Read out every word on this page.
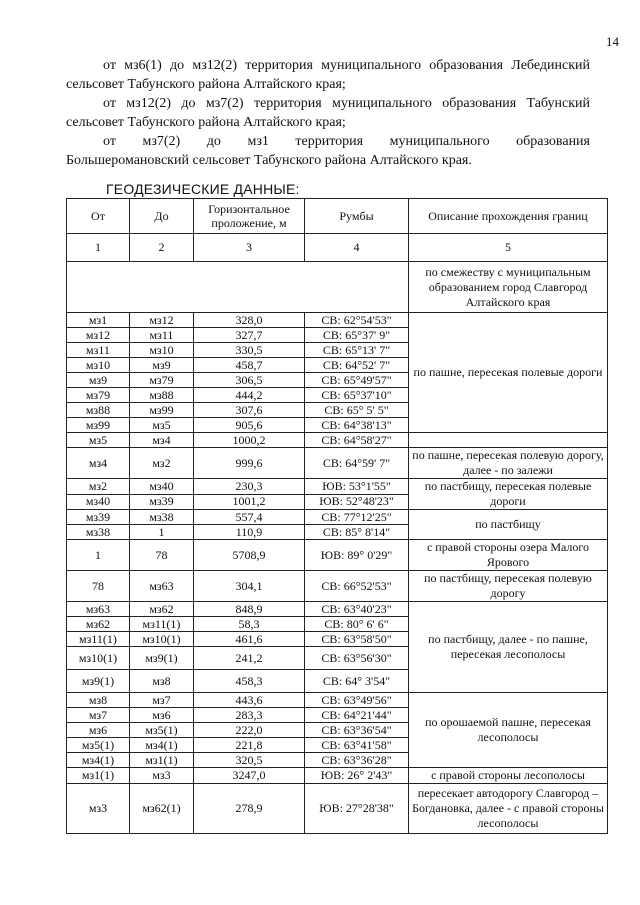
14
от мз6(1) до мз12(2) территория муниципального образования Лебединский
сельсовет Табунского района Алтайского края;
от мз12(2) до мз7(2) территория муниципального образования Табунский
сельсовет Табунского района Алтайского края;
от мз7(2) до мз1 территория муниципального образования
Большеромановский сельсовет Табунского района Алтайского края.
ГЕОДЕЗИЧЕСКИЕ ДАННЫЕ:
От	До	Горизонтальное проложение, м	Румбы	Описание прохождения границ
1	2	3	4	5
				по смежеству с муниципальным образованием город Славгород Алтайского края
мз1	мз12	328,0	СВ: 62°54'53"	по пашне, пересекая полевые дороги
мз12	мз11	327,7	СВ: 65°37' 9"	
мз11	мз10	330,5	СВ: 65°13' 7"	
мз10	мз9	458,7	СВ: 64°52' 7"	
мз9	мз79	306,5	СВ: 65°49'57"	
мз79	мз88	444,2	СВ: 65°37'10"	
мз88	мз99	307,6	СВ: 65° 5' 5"	
мз99	мз5	905,6	СВ: 64°38'13"	
мз5	мз4	1000,2	СВ: 64°58'27"	
мз4	мз2	999,6	СВ: 64°59' 7"	по пашне, пересекая полевую дорогу, далее - по залежи
мз2	мз40	230,3	ЮВ: 53°1'55"	по пастбищу, пересекая полевые дороги
мз40	мз39	1001,2	ЮВ: 52°48'23"	
мз39	мз38	557,4	СВ: 77°12'25"	по пастбищу
мз38	1	110,9	СВ: 85° 8'14"	
1	78	5708,9	ЮВ: 89° 0'29"	с правой стороны озера Малого Ярового
78	мз63	304,1	СВ: 66°52'53"	по пастбищу, пересекая полевую дорогу
мз63	мз62	848,9	СВ: 63°40'23"	по пастбищу, далее - по пашне, пересекая лесополосы
мз62	мз11(1)	58,3	СВ: 80° 6' 6"	
мз11(1)	мз10(1)	461,6	СВ: 63°58'50"	
мз10(1)	мз9(1)	241,2	СВ: 63°56'30"	
мз9(1)	мз8	458,3	СВ: 64° 3'54"	
мз8	мз7	443,6	СВ: 63°49'56"	по орошаемой пашне, пересекая лесополосы
мз7	мз6	283,3	СВ: 64°21'44"	
мз6	мз5(1)	222,0	СВ: 63°36'54"	
мз5(1)	мз4(1)	221,8	СВ: 63°41'58"	
мз4(1)	мз1(1)	320,5	СВ: 63°36'28"	
мз1(1)	мз3	3247,0	ЮВ: 26° 2'43"	с правой стороны лесополосы
мз3	мз62(1)	278,9	ЮВ: 27°28'38"	пересекает автодорогу Славгород – Богдановка, далее - с правой стороны лесополосы
